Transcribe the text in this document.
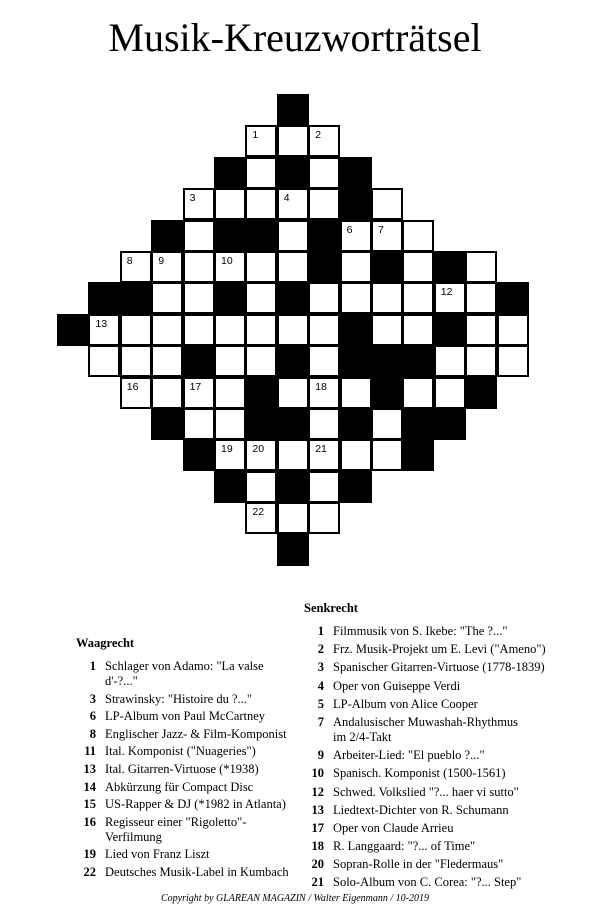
Musik-Kreuzworträtsel
1	2
3	4	5
6 7
8 9	10
11	12
13	14
15
16	17	18
19 20	21
22
Waagrecht
1 Schlager von Adamo: "La valse d'-?..."
3 Strawinsky: "Histoire du ?..."
6 LP-Album von Paul McCartney
8 Englischer Jazz- & Film-Komponist
11 Ital. Komponist ("Nuageries")
13 Ital. Gitarren-Virtuose (*1938)
14 Abkürzung für Compact Disc
15 US-Rapper & DJ (*1982 in Atlanta)
16 Regisseur einer "Rigoletto"-Verfilmung
19 Lied von Franz Liszt
22 Deutsches Musik-Label in Kumbach
Senkrecht
1 Filmmusik von S. Ikebe: "The ?..."
2 Frz. Musik-Projekt um E. Levi ("Ameno")
3 Spanischer Gitarren-Virtuose (1778-1839)
4 Oper von Guiseppe Verdi
5 LP-Album von Alice Cooper
7 Andalusischer Muwashah-Rhythmus
im 2/4-Takt
9 Arbeiter-Lied: "El pueblo ?..."
10 Spanisch. Komponist (1500-1561)
12 Schwed. Volkslied "?... haer vi sutto"
13 Liedtext-Dichter von R. Schumann
17 Oper von Claude Arrieu
18 R. Langgaard: "?... of Time"
20 Sopran-Rolle in der "Fledermaus"
21 Solo-Album von C. Corea: "?... Step"
Copyright by GLAREAN MAGAZIN / Walter Eigenmann / 10-2019
